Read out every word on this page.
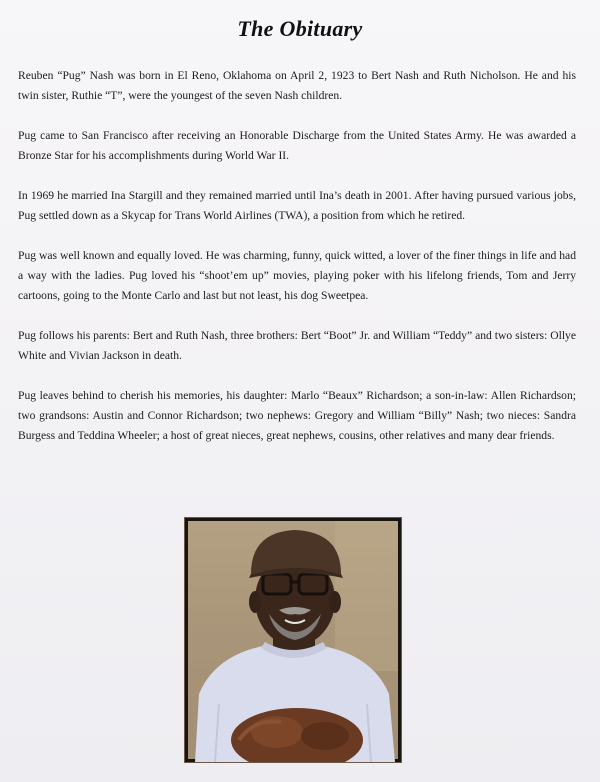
The Obituary

Reuben “Pug” Nash was born in El Reno, Oklahoma on April 2, 1923 to Bert Nash and Ruth Nicholson. He and his twin sister, Ruthie “T”, were the youngest of the seven Nash children.

Pug came to San Francisco after receiving an Honorable Discharge from the United States Army. He was awarded a Bronze Star for his accomplishments during World War II.

In 1969 he married Ina Stargill and they remained married until Ina’s death in 2001. After having pursued various jobs, Pug settled down as a Skycap for Trans World Airlines (TWA), a position from which he retired.

Pug was well known and equally loved. He was charming, funny, quick witted, a lover of the finer things in life and had a way with the ladies. Pug loved his “shoot’em up” movies, playing poker with his lifelong friends, Tom and Jerry cartoons, going to the Monte Carlo and last but not least, his dog Sweetpea.

Pug follows his parents: Bert and Ruth Nash, three brothers: Bert “Boot” Jr. and William “Teddy” and two sisters: Ollye White and Vivian Jackson in death.

Pug leaves behind to cherish his memories, his daughter: Marlo “Beaux” Richardson; a son-in-law: Allen Richardson; two grandsons: Austin and Connor Richardson; two nephews: Gregory and William “Billy” Nash; two nieces: Sandra Burgess and Teddina Wheeler; a host of great nieces, great nephews, cousins, other relatives and many dear friends.
